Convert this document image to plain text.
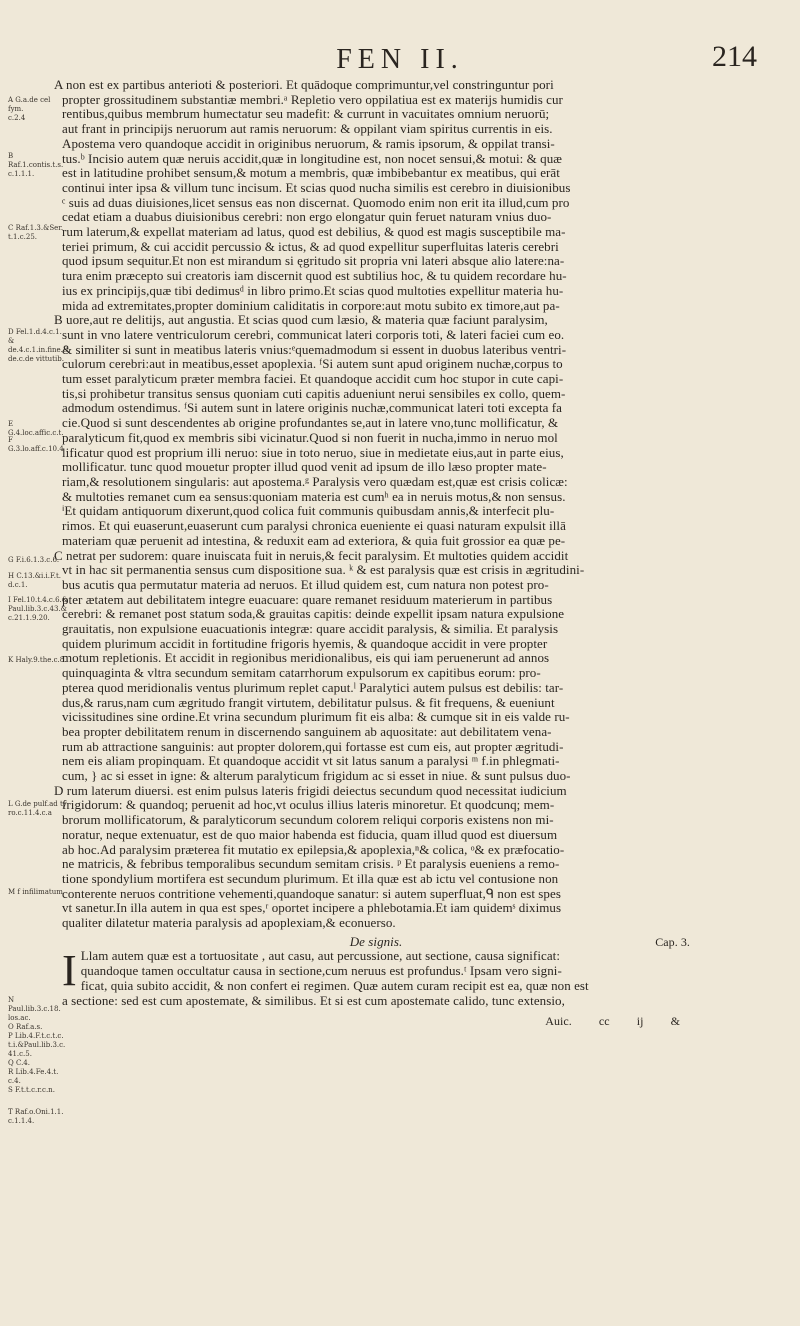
FEN II.	214
A G.a.de cel fym.
c.2.4
B Raf.1.contis.t.s.
c.1.1.1.
C Raf.1.3.&Ser.
t.1.c.25.
D Fel.1.d.4.c.1. &
de.4.c.1.in.fine.&
de.c.de vittutib.
E G.4.loc.affic.c.t.
F G.3.lo.aff.c.10.4
G F.i.6.1.3.c.6.
H C.13.&i.i.F.t.
d.c.1.
I Fel.10.t.4.c.6.&
Paul.lib.3.c.43.&
c.21.1.9.20.
K Haly.9.the.c.8.
L G.de pulf.ad ty
ro.c.11.4.c.a
M f infilimatum
N Paul.lib.3.c.18.
los.ac.
O Raf.a.s.
P Lib.4.F.t.c.t.c.
t.i.&Paul.lib.3.c.
41.c.5.
Q C.4.
R Lib.4.Fe.4.t.
c.4.
S F.t.t.c.r.c.n.
T Raf.o.Oni.1.1.
c.1.1.4.
A non est ex partibus anterioti & posteriori. Et quādoque comprimuntur,vel constringuntur pori
propter grossitudinem substantiæ membri.ᵃ Repletio vero oppilatiua est ex materijs humidis cur
rentibus,quibus membrum humectatur seu madefit: & currunt in vacuitates omnium neruorū;
aut frant in principijs neruorum aut ramis neruorum: & oppilant viam spiritus currentis in eis.
Apostema vero quandoque accidit in originibus neruorum, & ramis ipsorum, & oppilat transi-
tus.ᵇ Incisio autem quæ neruis accidit,quæ in longitudine est, non nocet sensui,& motui: & quæ
est in latitudine prohibet sensum,& motum a membris, quæ imbibebantur ex meatibus, qui erāt
continui inter ipsa & villum tunc incisum. Et scias quod nucha similis est cerebro in diuisionibus
ᶜ suis ad duas diuisiones,licet sensus eas non discernat. Quomodo enim non erit ita illud,cum pro
cedat etiam a duabus diuisionibus cerebri: non ergo elongatur quin feruet naturam vnius duo-
rum laterum,& expellat materiam ad latus, quod est debilius, & quod est magis susceptibile ma-
teriei primum, & cui accidit percussio & ictus, & ad quod expellitur superfluitas lateris cerebri
quod ipsum sequitur.Et non est mirandum si ęgritudo sit propria vni lateri absque alio latere:na-
tura enim præcepto sui creatoris iam discernit quod est subtilius hoc, & tu quidem recordare hu-
ius ex principijs,quæ tibi dedimusᵈ in libro primo.Et scias quod multoties expellitur materia hu-
mida ad extremitates,propter dominium caliditatis in corpore:aut motu subito ex timore,aut pa-
B uore,aut re delitijs, aut angustia. Et scias quod cum læsio, & materia quæ faciunt paralysim,
sunt in vno latere ventriculorum cerebri, communicat lateri corporis toti, & lateri faciei cum eo.
& similiter si sunt in meatibus lateris vnius:ᵉquemadmodum si essent in duobus lateribus ventri-
culorum cerebri:aut in meatibus,esset apoplexia. ᶠSi autem sunt apud originem nuchæ,corpus to
tum esset paralyticum præter membra faciei. Et quandoque accidit cum hoc stupor in cute capi-
tis,si prohibetur transitus sensus quoniam cuti capitis adueniunt nerui sensibiles ex collo, quem-
admodum ostendimus. ᶠSi autem sunt in latere originis nuchæ,communicat lateri toti excepta fa
cie.Quod si sunt descendentes ab origine profundantes se,aut in latere vno,tunc mollificatur, &
paralyticum fit,quod ex membris sibi vicinatur.Quod si non fuerit in nucha,immo in neruo mol
lificatur quod est proprium illi neruo: siue in toto neruo, siue in medietate eius,aut in parte eius,
mollificatur. tunc quod mouetur propter illud quod venit ad ipsum de illo læso propter mate-
riam,& resolutionem singularis: aut apostema.ᵍ Paralysis vero quædam est,quæ est crisis colicæ:
& multoties remanet cum ea sensus:quoniam materia est cumʰ ea in neruis motus,& non sensus.
ⁱEt quidam antiquorum dixerunt,quod colica fuit communis quibusdam annis,& interfecit plu-
rimos. Et qui euaserunt,euaserunt cum paralysi chronica eueniente ei quasi naturam expulsit illā
materiam quæ peruenit ad intestina, & reduxit eam ad exteriora, & quia fuit grossior ea quæ pe-
C netrat per sudorem: quare inuiscata fuit in neruis,& fecit paralysim. Et multoties quidem accidit
vt in hac sit permanentia sensus cum dispositione sua. ᵏ & est paralysis quæ est crisis in ægritudini-
bus acutis qua permutatur materia ad neruos. Et illud quidem est, cum natura non potest pro-
pter ætatem aut debilitatem integre euacuare: quare remanet residuum materierum in partibus
cerebri: & remanet post statum soda,& grauitas capitis: deinde expellit ipsam natura expulsione
grauitatis, non expulsione euacuationis integræ: quare accidit paralysis, & similia. Et paralysis
quidem plurimum accidit in fortitudine frigoris hyemis, & quandoque accidit in vere propter
motum repletionis. Et accidit in regionibus meridionalibus, eis qui iam peruenerunt ad annos
quinquaginta & vltra secundum semitam catarrhorum expulsorum ex capitibus eorum: pro-
pterea quod meridionalis ventus plurimum replet caput.ˡ Paralytici autem pulsus est debilis: tar-
dus,& rarus,nam cum ægritudo frangit virtutem, debilitatur pulsus. & fit frequens, & eueniunt
vicissitudines sine ordine.Et vrina secundum plurimum fit eis alba: & cumque sit in eis valde ru-
bea propter debilitatem renum in discernendo sanguinem ab aquositate: aut debilitatem vena-
rum ab attractione sanguinis: aut propter dolorem,qui fortasse est cum eis, aut propter ægritudi-
nem eis aliam propinquam. Et quandoque accidit vt sit latus sanum a paralysi ᵐ f.in phlegmati-
cum, } ac si esset in igne: & alterum paralyticum frigidum ac si esset in niue. & sunt pulsus duo-
D rum laterum diuersi. est enim pulsus lateris frigidi deiectus secundum quod necessitat iudicium
frigidorum: & quandoq; peruenit ad hoc,vt oculus illius lateris minoretur. Et quodcunq; mem-
brorum mollificatorum, & paralyticorum secundum colorem reliqui corporis existens non mi-
noratur, neque extenuatur, est de quo maior habenda est fiducia, quam illud quod est diuersum
ab hoc.Ad paralysim præterea fit mutatio ex epilepsia,& apoplexia,ⁿ& colica, ᵒ& ex præfocatio-
ne matricis, & febribus temporalibus secundum semitam crisis. ᵖ Et paralysis eueniens a remo-
tione spondylium mortifera est secundum plurimum. Et illa quæ est ab ictu vel contusione non
conterente neruos contritione vehementi,quandoque sanatur: si autem superfluat,ᑫ non est spes
vt sanetur.In illa autem in qua est spes,ʳ oportet incipere a phlebotamia.Et iam quidemˢ diximus
qualiter dilatetur materia paralysis ad apoplexiam,& econuerso.
De signis.	Cap. 3.
I Llam autem quæ est a tortuositate , aut casu, aut percussione, aut sectione, causa significat:
quandoque tamen occultatur causa in sectione,cum neruus est profundus.ᵗ Ipsam vero signi-
ficat, quia subito accidit, & non confert ei regimen. Quæ autem curam recipit est ea, quæ non est
a sectione: sed est cum apostemate, & similibus. Et si est cum apostemate calido, tunc extensio,
Auic. cc ij &
